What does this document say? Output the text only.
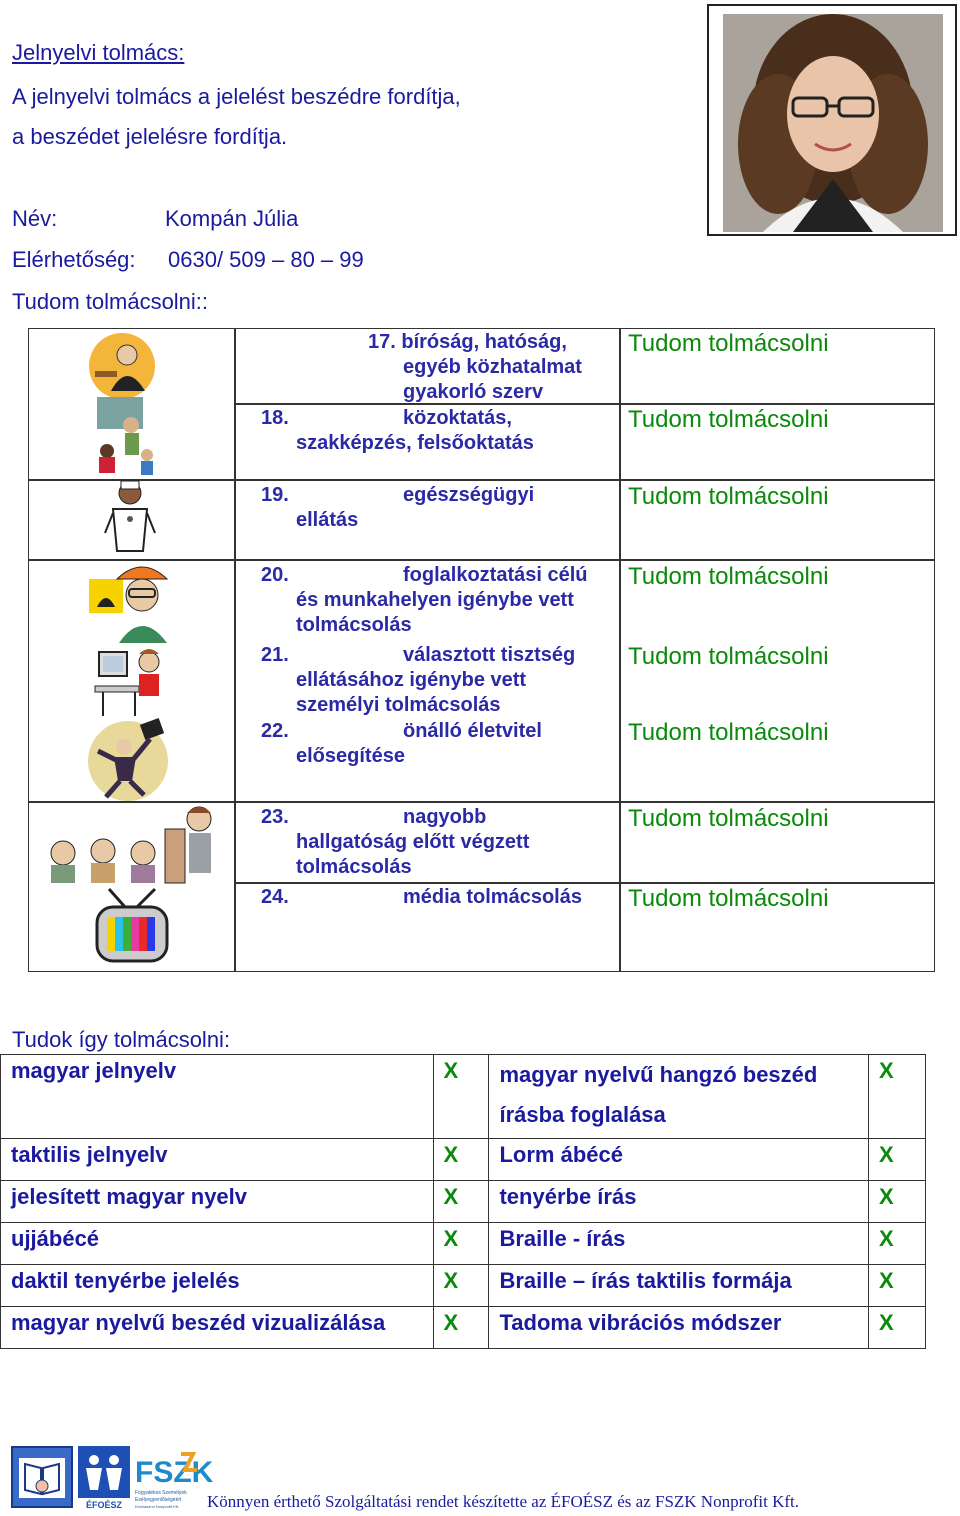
Jelnyelvi tolmács:
A jelnyelvi tolmács a jelelést beszédre fordítja,
a beszédet jelelésre fordítja.
Név:	Kompán Júlia
Elérhetőség: 0630/ 509 – 80 – 99
Tudom tolmácsolni::
17. bíróság, hatóság,
egyéb közhatalmat
gyakorló szerv
Tudom tolmácsolni
18.	közoktatás,
szakképzés, felsőoktatás
Tudom tolmácsolni
19.	egészségügyi
ellátás
Tudom tolmácsolni
20.	foglalkoztatási célú
és munkahelyen igénybe vett
tolmácsolás
Tudom tolmácsolni
21.	választott tisztség
ellátásához igénybe vett
személyi tolmácsolás
Tudom tolmácsolni
22.	önálló életvitel
elősegítése
Tudom tolmácsolni
23.	nagyobb
hallgatóság előtt végzett
tolmácsolás
Tudom tolmácsolni
24.	média tolmácsolás Tudom tolmácsolni
Tudok így tolmácsolni:
magyar jelnyelv	X	magyar nyelvű hangzó beszéd
írásba foglalása	X
taktilis jelnyelv	X	Lorm ábécé	X
jelesített magyar nyelv	X	tenyérbe írás	X
ujjábécé	X	Braille - írás	X
daktil tenyérbe jelelés	X	Braille – írás taktilis formája	X
magyar nyelvű beszéd vizualizálása	X	Tadoma vibrációs módszer	X
ÉFOÉSZ
FSZK
Fogyatékos Személyek
Esélyegyenlőségéért
Közhasznú Nonprofit Kft. Könnyen érthető Szolgáltatási rendet készítette az ÉFOÉSZ és az FSZK Nonprofit Kft.
